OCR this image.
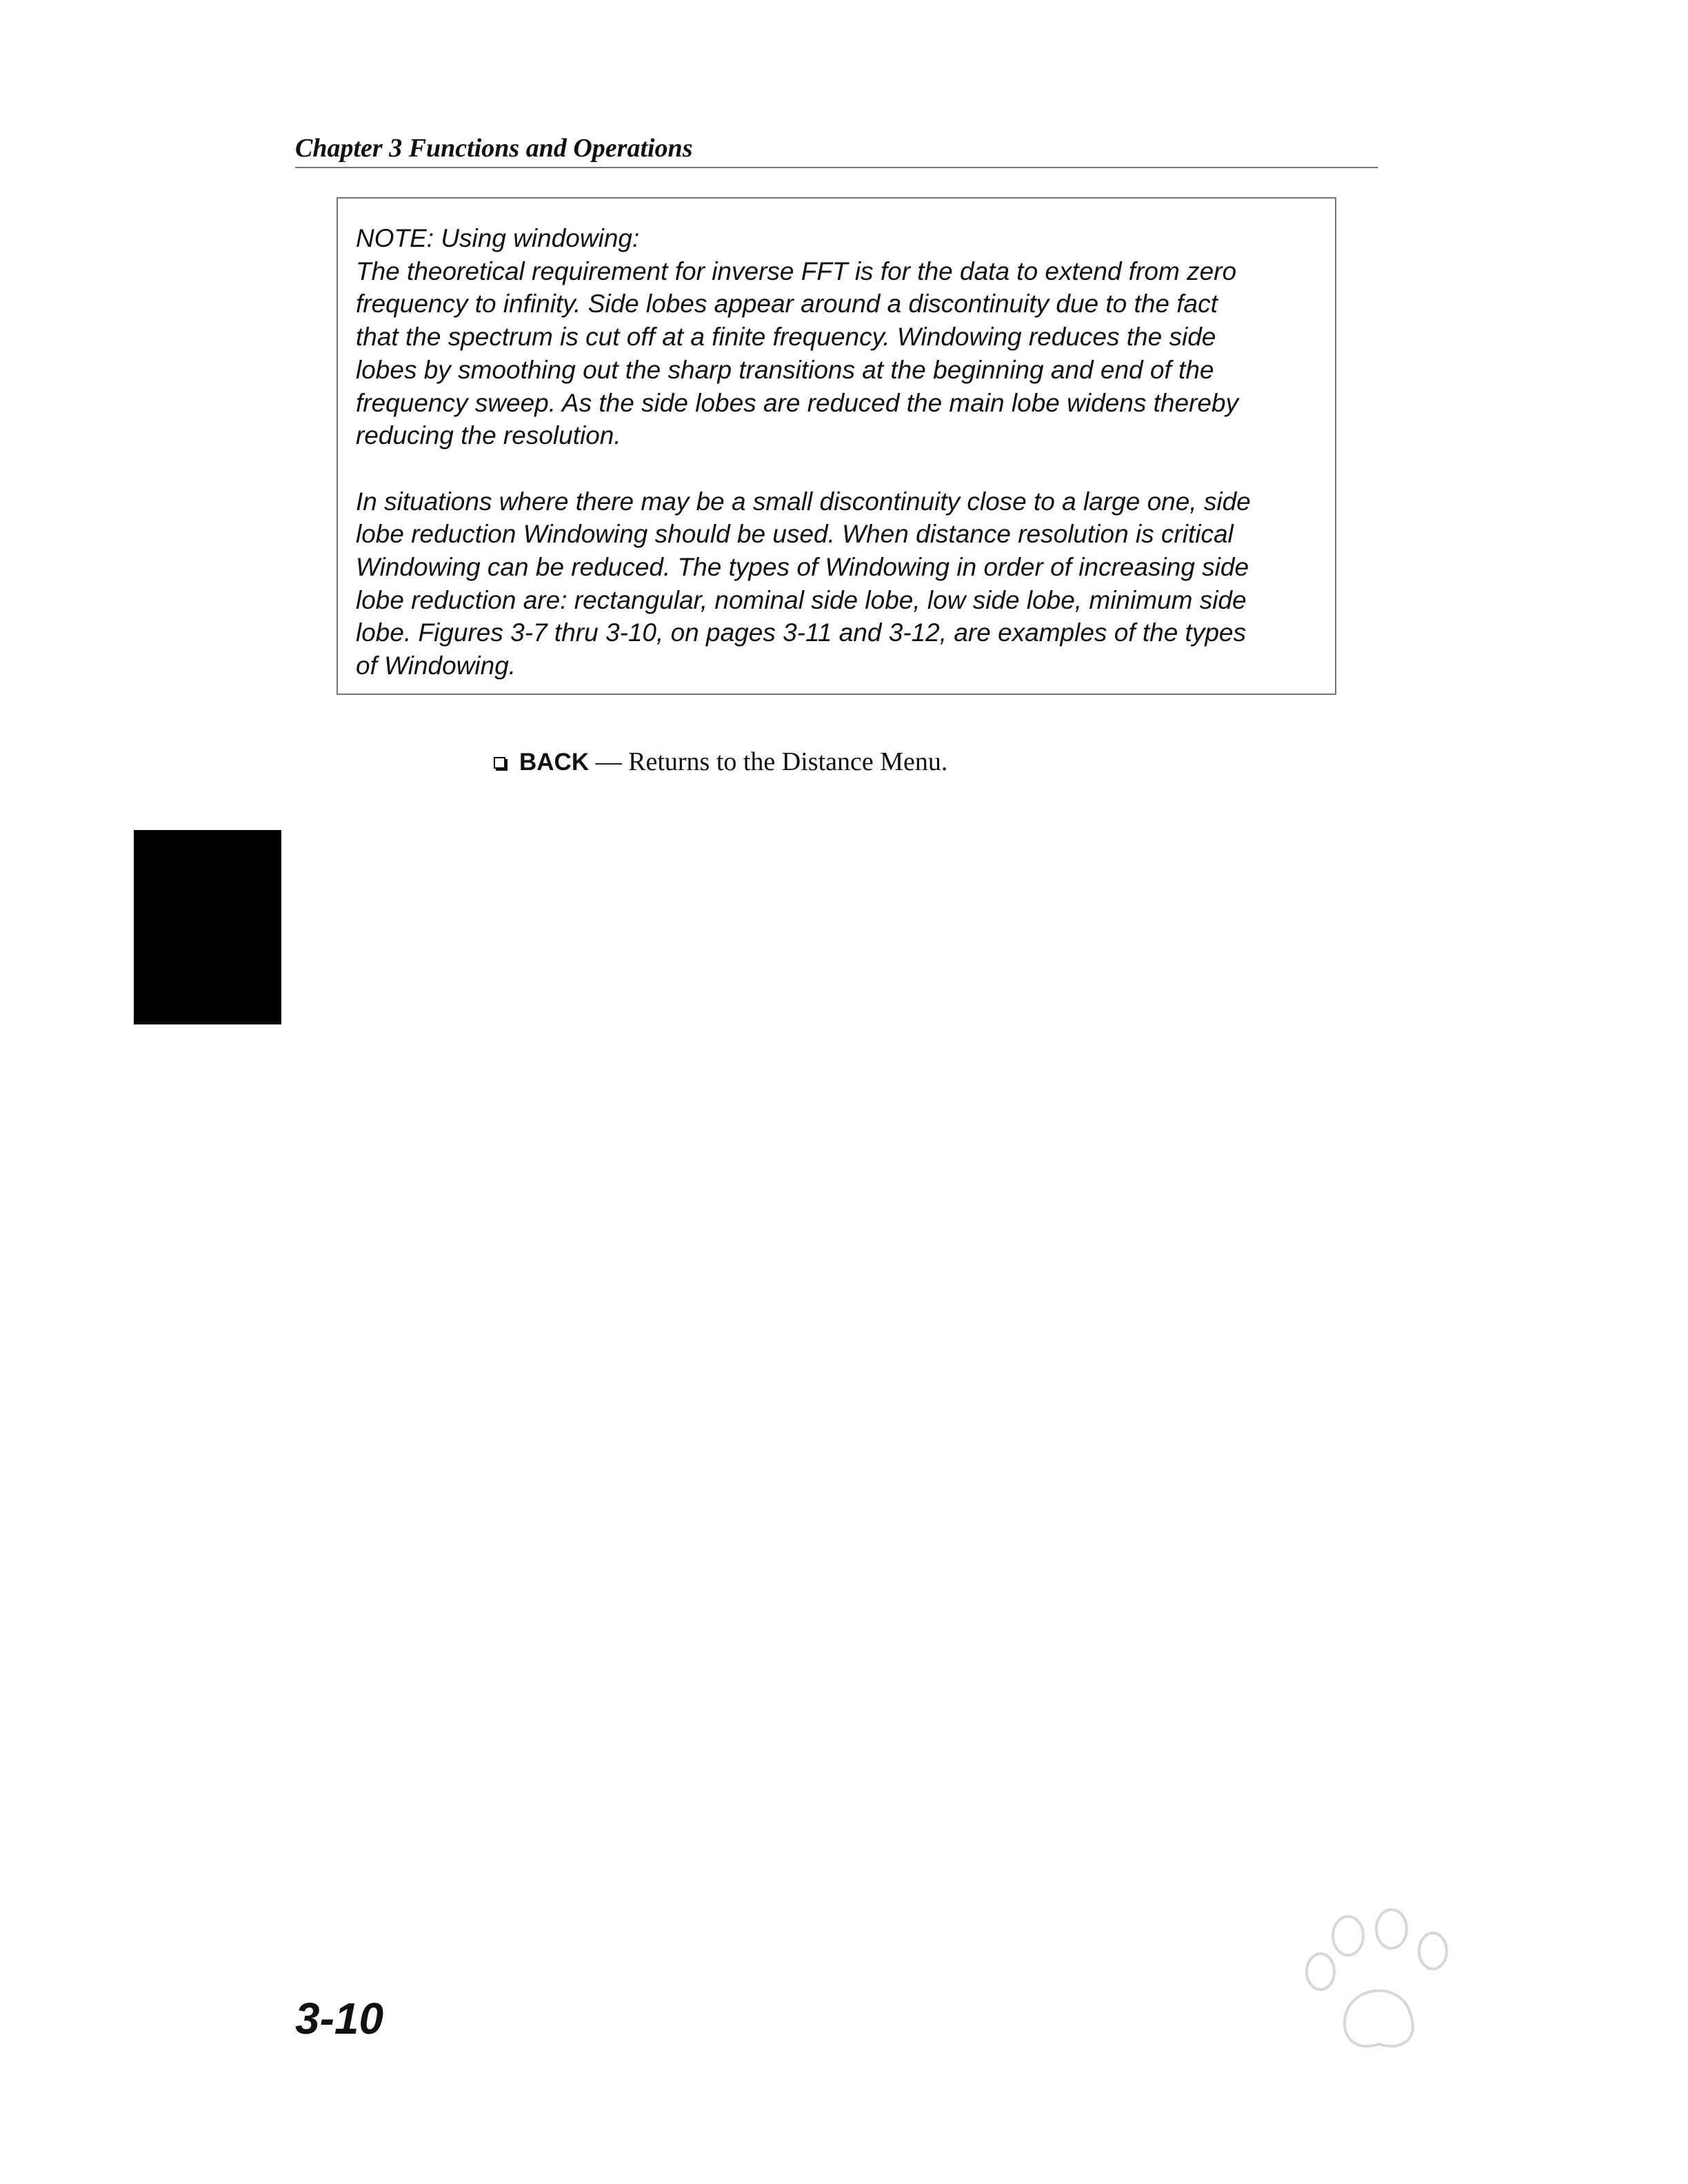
Chapter 3 Functions and Operations

NOTE: Using windowing:
The theoretical requirement for inverse FFT is for the data to extend from zero
frequency to infinity. Side lobes appear around a discontinuity due to the fact
that the spectrum is cut off at a finite frequency. Windowing reduces the side
lobes by smoothing out the sharp transitions at the beginning and end of the
frequency sweep. As the side lobes are reduced the main lobe widens thereby
reducing the resolution.

In situations where there may be a small discontinuity close to a large one, side
lobe reduction Windowing should be used. When distance resolution is critical
Windowing can be reduced. The types of Windowing in order of increasing side
lobe reduction are: rectangular, nominal side lobe, low side lobe, minimum side
lobe. Figures 3-7 thru 3-10, on pages 3-11 and 3-12, are examples of the types
of Windowing.

BACK — Returns to the Distance Menu.
3-10
